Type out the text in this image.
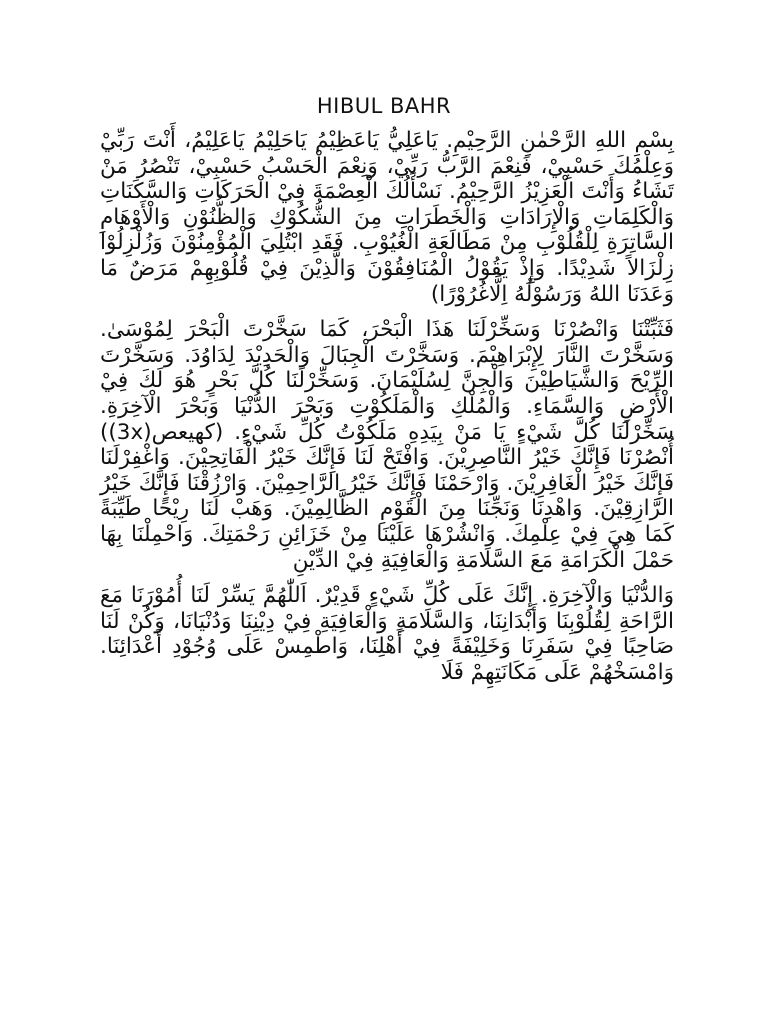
HIBUL BAHR

بِسْمِ اللهِ الرَّحْمٰنِ الرَّحِيْمِ. يَاعَلِيُّ يَاعَظِيْمُ يَاحَلِيْمُ يَاعَلِيْمُ، أَنْتَ رَبِّيْ وَعِلْمُكَ حَسْبِيْ، فَنِعْمَ الرَّبُّ رَبِّيْ، وَنِعْمَ الْحَسْبُ حَسْبِيْ، تَنْصُرُ مَنْ تَشَاءُ وَأَنْتَ الْعَزِيْزُ الرَّحِيْمُ. نَسْأَلُكَ الْعِصْمَةَ فِيْ الْحَرَكَاتِ وَالسَّكَنَاتِ وَالْكَلِمَاتِ وَالْإِرَادَاتِ وَالْخَطَرَاتِ مِنَ الشُّكُوْكِ وَالظُّنُوْنِ وَالْأَوْهَامِ السَّاتِرَةِ لِلْقُلُوْبِ مِنْ مَطَالَعَةِ الْغُيُوْبِ. فَقَدِ ابْتُلِيَ الْمُؤْمِنُوْنَ وَزُلْزِلُوْا زِلْزَالاً شَدِيْدًا. وَإِذْ يَقُوْلُ الْمُنَافِقُوْنَ وَالَّذِيْنَ فِيْ قُلُوْبِهِمْ مَرَضٌ مَا وَعَدَنَا اللهُ وَرَسُوْلُهُ اِلَّاغُرُوْرًا)

فَثَبِّتْنَا وَانْصُرْنَا وَسَخِّرْلَنَا هَذَا الْبَحْرَ، كَمَا سَخَّرْتَ الْبَحْرَ لِمُوْسَىٰ. وَسَخَّرْتَ النَّارَ لِإِبْرَاهِيْمَ. وَسَخَّرْتَ الْجِبَالَ وَالْحَدِيْدَ لِدَاوُدَ. وَسَخَّرْتَ الرِّيْحَ وَالشَّيَاطِيْنَ وَالْجِنَّ لِسُلَيْمَانَ. وَسَخِّرْلَنَا كُلَّ بَحْرٍ هُوَ لَكَ فِيْ الْأَرْضِ وَالسَّمَاءِ. وَالْمُلْكِ وَالْمَلَكُوْتِ وَبَحْرَ الدُّنْيَا وَبَحْرَ الْآخِرَةِ. سَخِّرْلَنَا كُلَّ شَيْءٍ يَا مَنْ بِيَدِهِ مَلَكُوْتُ كُلِّ شَيْءٍ. (كهيعص(3x)) أُنْصُرْنَا فَإِنَّكَ خَيْرُ النَّاصِرِيْنَ. وَافْتَحْ لَنَا فَإِنَّكَ خَيْرُ الْفَاتِحِيْنَ. وَاغْفِرْلَنَا فَإِنَّكَ خَيْرُ الْغَافِرِيْنَ. وَارْحَمْنَا فَإِنَّكَ خَيْرُ الرَّاحِمِيْنَ. وَارْزُقْنَا فَإِنَّكَ خَيْرُ الرَّازِقِيْنَ. وَاهْدِنَا وَنَجِّنَا مِنَ الْقَوْمِ الظَّالِمِيْنَ. وَهَبْ لَنَا رِيْحًا طَيِّبَةً كَمَا هِيَ فِيْ عِلْمِكَ. وَانْشُرْهَا عَلَيْنَا مِنْ خَزَائِنِ رَحْمَتِكَ. وَاحْمِلْنَا بِهَا حَمْلَ الْكَرَامَةِ مَعَ السَّلَامَةِ وَالْعَافِيَةِ فِيْ الدِّيْنِ

وَالدُّنْيَا وَالْآخِرَةِ. إِنَّكَ عَلَى كُلِّ شَيْءٍ قَدِيْرٌ. اَللّٰهُمَّ يَسِّرْ لَنَا أُمُوْرَنَا مَعَ الرَّاحَةِ لِقُلُوْبِنَا وَأَبْدَانِنَا، وَالسَّلَامَةِ وَالْعَافِيَةِ فِيْ دِيْنِنَا وَدُنْيَانَا، وَكُنْ لَنَا صَاحِبًا فِيْ سَفَرِنَا وَخَلِيْفَةً فِيْ أَهْلِنَا، وَاطْمِسْ عَلَى وُجُوْدِ أَعْدَائِنَا. وَامْسَخْهُمْ عَلَى مَكَانَتِهِمْ فَلَا
